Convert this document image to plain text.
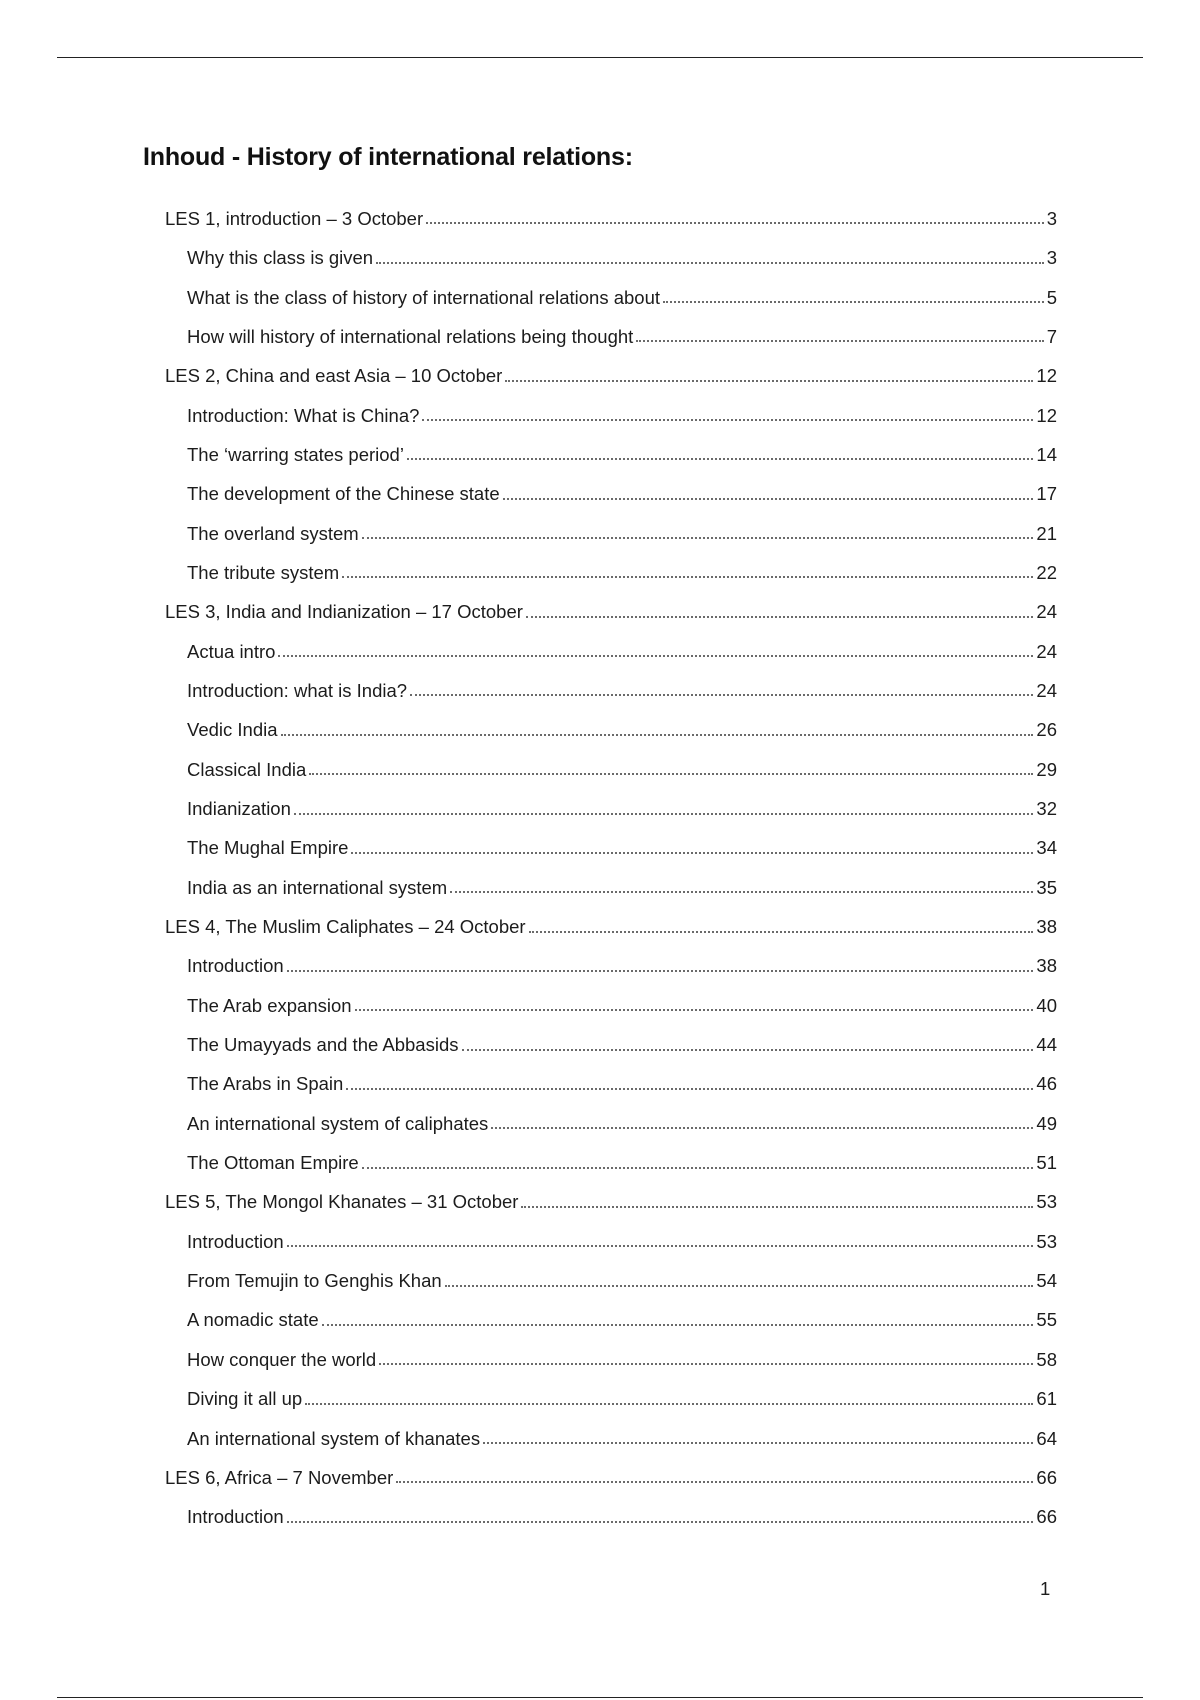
Inhoud - History of international relations:
LES 1, introduction – 3 October	3
Why this class is given	3
What is the class of history of international relations about	5
How will history of international relations being thought	7
LES 2, China and east Asia – 10 October	12
Introduction: What is China?	12
The ‘warring states period’	14
The development of the Chinese state	17
The overland system	21
The tribute system	22
LES 3, India and Indianization – 17 October	24
Actua intro	24
Introduction: what is India?	24
Vedic India	26
Classical India	29
Indianization	32
The Mughal Empire	34
India as an international system	35
LES 4, The Muslim Caliphates – 24 October	38
Introduction	38
The Arab expansion	40
The Umayyads and the Abbasids	44
The Arabs in Spain	46
An international system of caliphates	49
The Ottoman Empire	51
LES 5, The Mongol Khanates – 31 October	53
Introduction	53
From Temujin to Genghis Khan	54
A nomadic state	55
How conquer the world	58
Diving it all up	61
An international system of khanates	64
LES 6, Africa – 7 November	66
Introduction	66
1
